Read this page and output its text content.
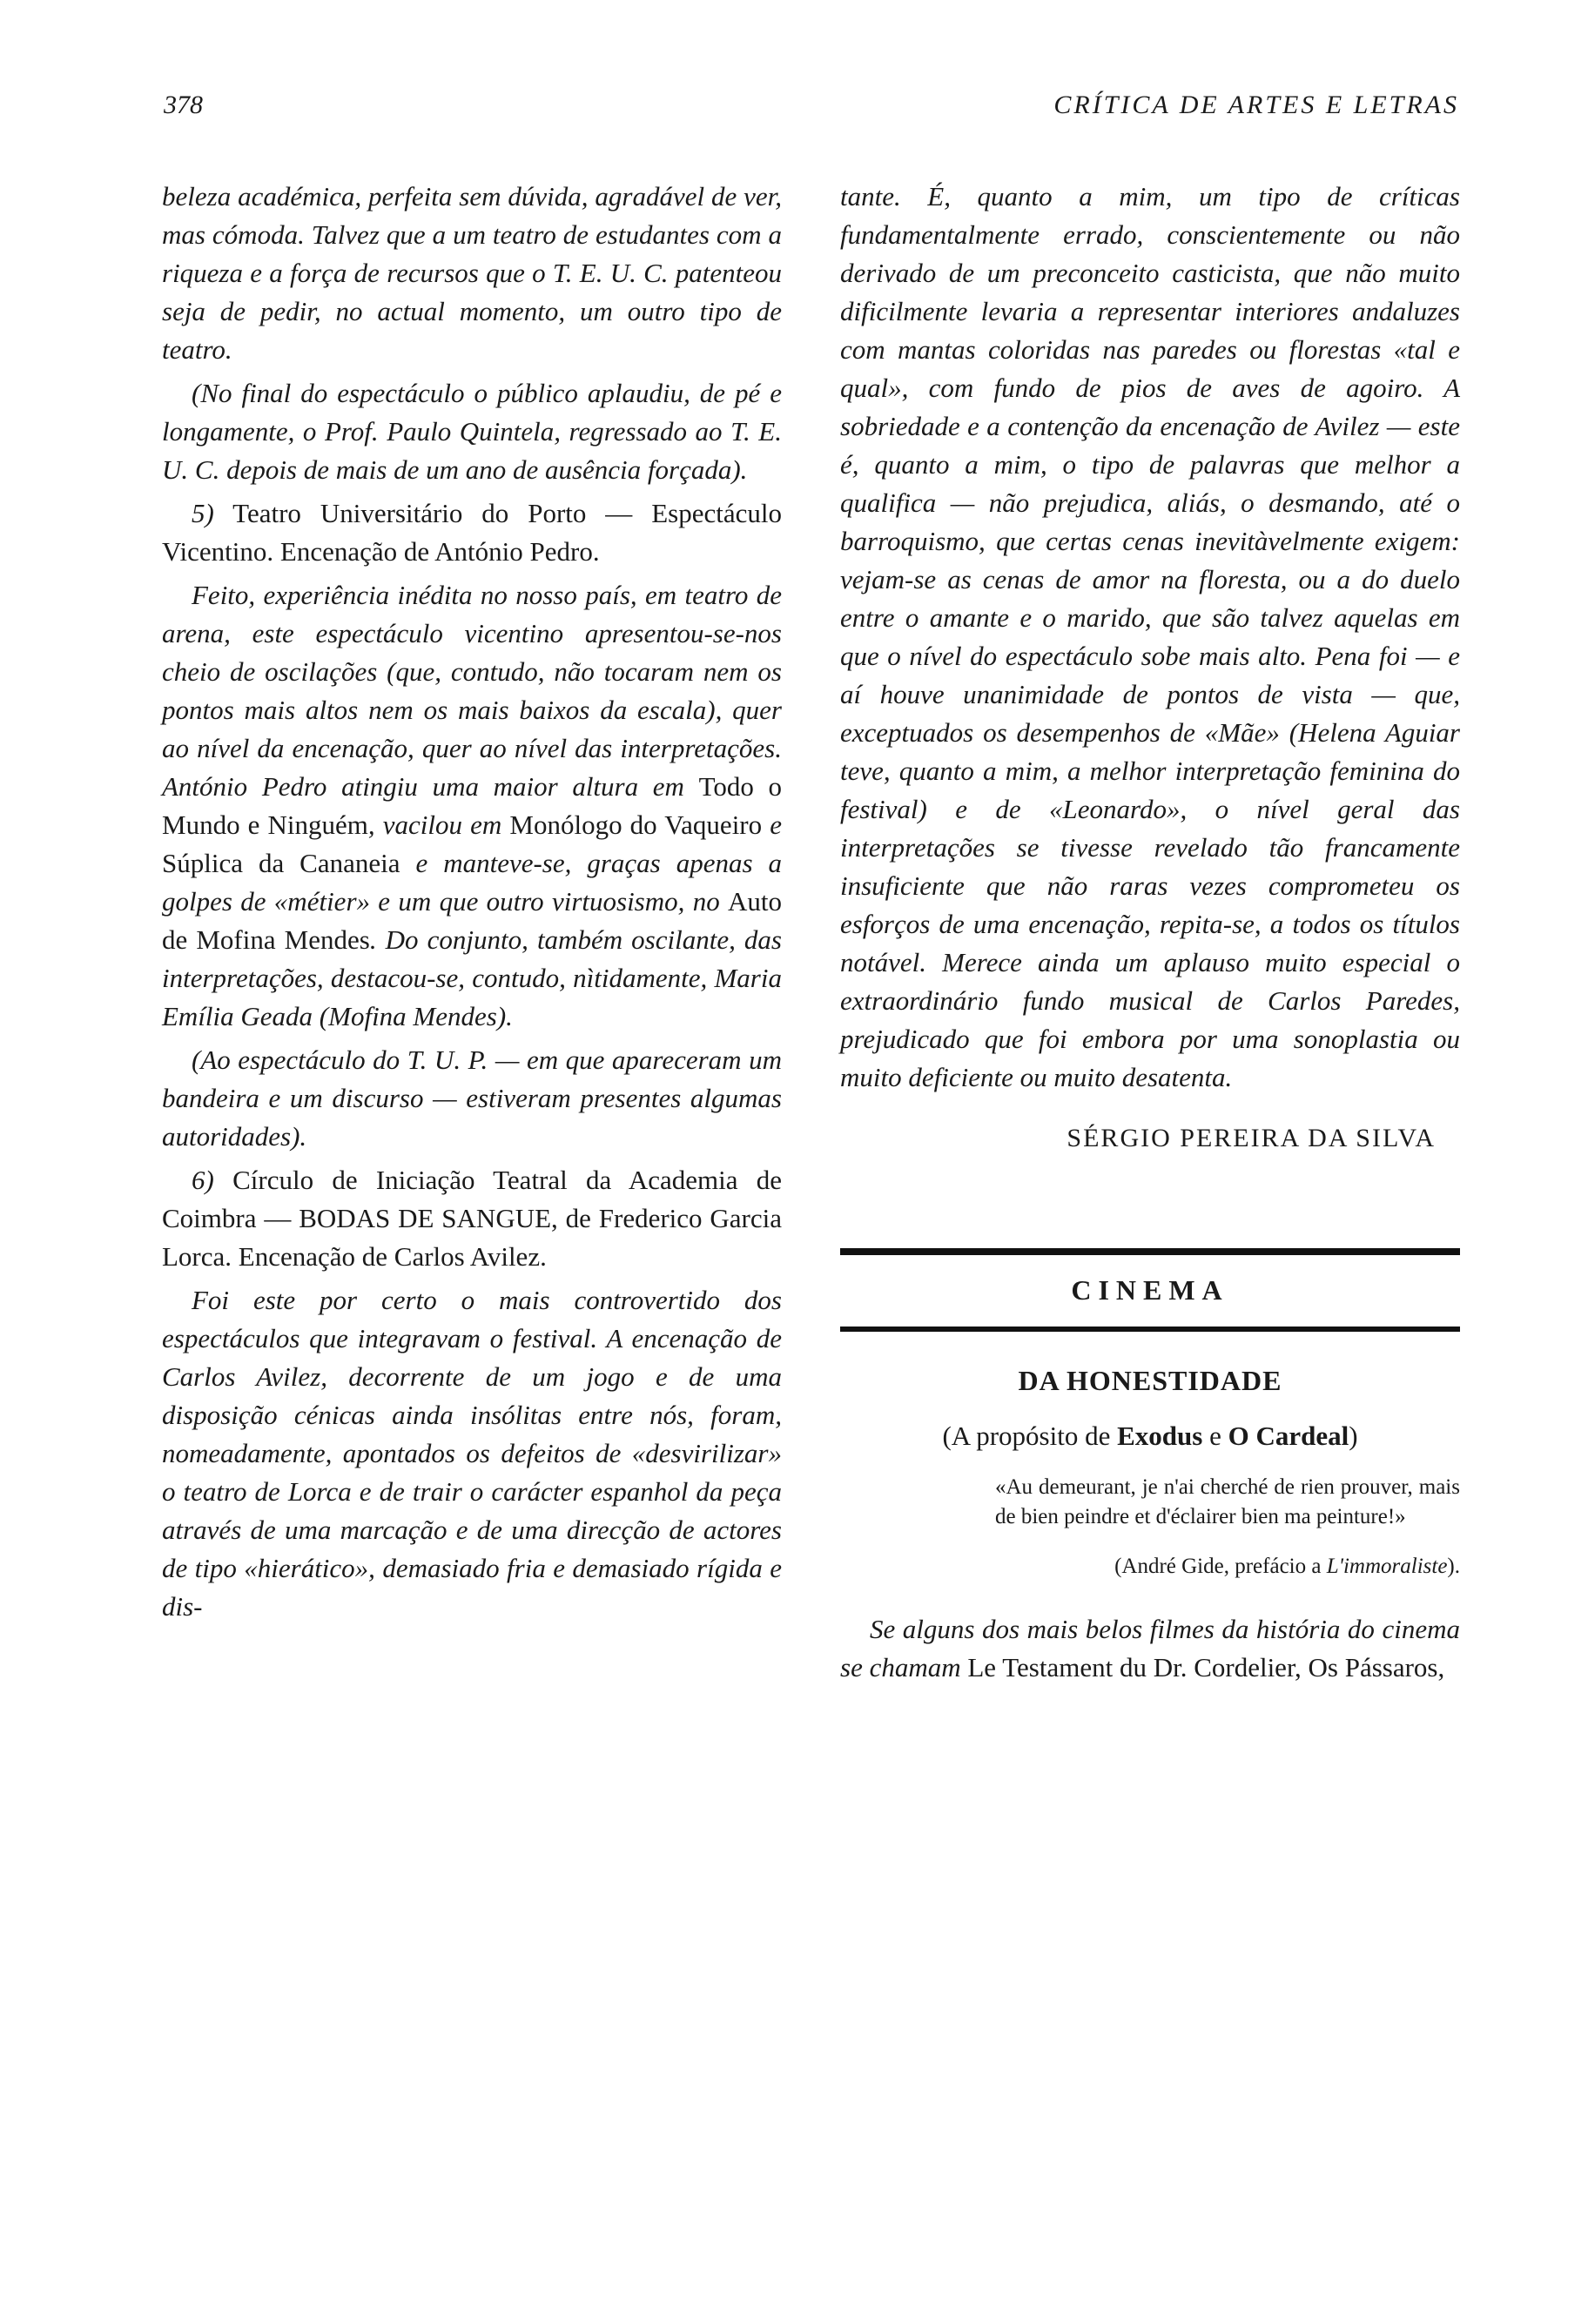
378	CRÍTICA DE ARTES E LETRAS

beleza académica, perfeita sem dúvida, agradável de ver, mas cómoda. Talvez que a um teatro de estudantes com a riqueza e a força de recursos que o T. E. U. C. patenteou seja de pedir, no actual momento, um outro tipo de teatro.

(No final do espectáculo o público aplaudiu, de pé e longamente, o Prof. Paulo Quintela, regressado ao T. E. U. C. depois de mais de um ano de ausência forçada).

5) Teatro Universitário do Porto — Espectáculo Vicentino. Encenação de António Pedro.

Feito, experiência inédita no nosso país, em teatro de arena, este espectáculo vicentino apresentou-se-nos cheio de oscilações (que, contudo, não tocaram nem os pontos mais altos nem os mais baixos da escala), quer ao nível da encenação, quer ao nível das interpretações. António Pedro atingiu uma maior altura em Todo o Mundo e Ninguém, vacilou em Monólogo do Vaqueiro e Súplica da Cananeia e manteve-se, graças apenas a golpes de «métier» e um que outro virtuosismo, no Auto de Mofina Mendes. Do conjunto, também oscilante, das interpretações, destacou-se, contudo, nìtidamente, Maria Emília Geada (Mofina Mendes).

(Ao espectáculo do T. U. P. — em que apareceram um bandeira e um discurso — estiveram presentes algumas autoridades).

6) Círculo de Iniciação Teatral da Academia de Coimbra — BODAS DE SANGUE, de Frederico Garcia Lorca. Encenação de Carlos Avilez.

Foi este por certo o mais controvertido dos espectáculos que integravam o festival. A encenação de Carlos Avilez, decorrente de um jogo e de uma disposição cénicas ainda insólitas entre nós, foram, nomeadamente, apontados os defeitos de «desvirilizar» o teatro de Lorca e de trair o carácter espanhol da peça através de uma marcação e de uma direcção de actores de tipo «hierático», demasiado fria e demasiado rígida e dis-

tante. É, quanto a mim, um tipo de críticas fundamentalmente errado, conscientemente ou não derivado de um preconceito casticista, que não muito dificilmente levaria a representar interiores andaluzes com mantas coloridas nas paredes ou florestas «tal e qual», com fundo de pios de aves de agoiro. A sobriedade e a contenção da encenação de Avilez — este é, quanto a mim, o tipo de palavras que melhor a qualifica — não prejudica, aliás, o desmando, até o barroquismo, que certas cenas inevitàvelmente exigem: vejam-se as cenas de amor na floresta, ou a do duelo entre o amante e o marido, que são talvez aquelas em que o nível do espectáculo sobe mais alto. Pena foi — e aí houve unanimidade de pontos de vista — que, exceptuados os desempenhos de «Mãe» (Helena Aguiar teve, quanto a mim, a melhor interpretação feminina do festival) e de «Leonardo», o nível geral das interpretações se tivesse revelado tão francamente insuficiente que não raras vezes comprometeu os esforços de uma encenação, repita-se, a todos os títulos notável. Merece ainda um aplauso muito especial o extraordinário fundo musical de Carlos Paredes, prejudicado que foi embora por uma sonoplastia ou muito deficiente ou muito desatenta.

SÉRGIO PEREIRA DA SILVA
CINEMA
DA HONESTIDADE
(A propósito de Exodus e O Cardeal)
«Au demeurant, je n'ai cherché de rien prouver, mais de bien peindre et d'éclairer bien ma peinture!»
(André Gide, prefácio a L'immoraliste).

Se alguns dos mais belos filmes da história do cinema se chamam Le Testament du Dr. Cordelier, Os Pássaros,
